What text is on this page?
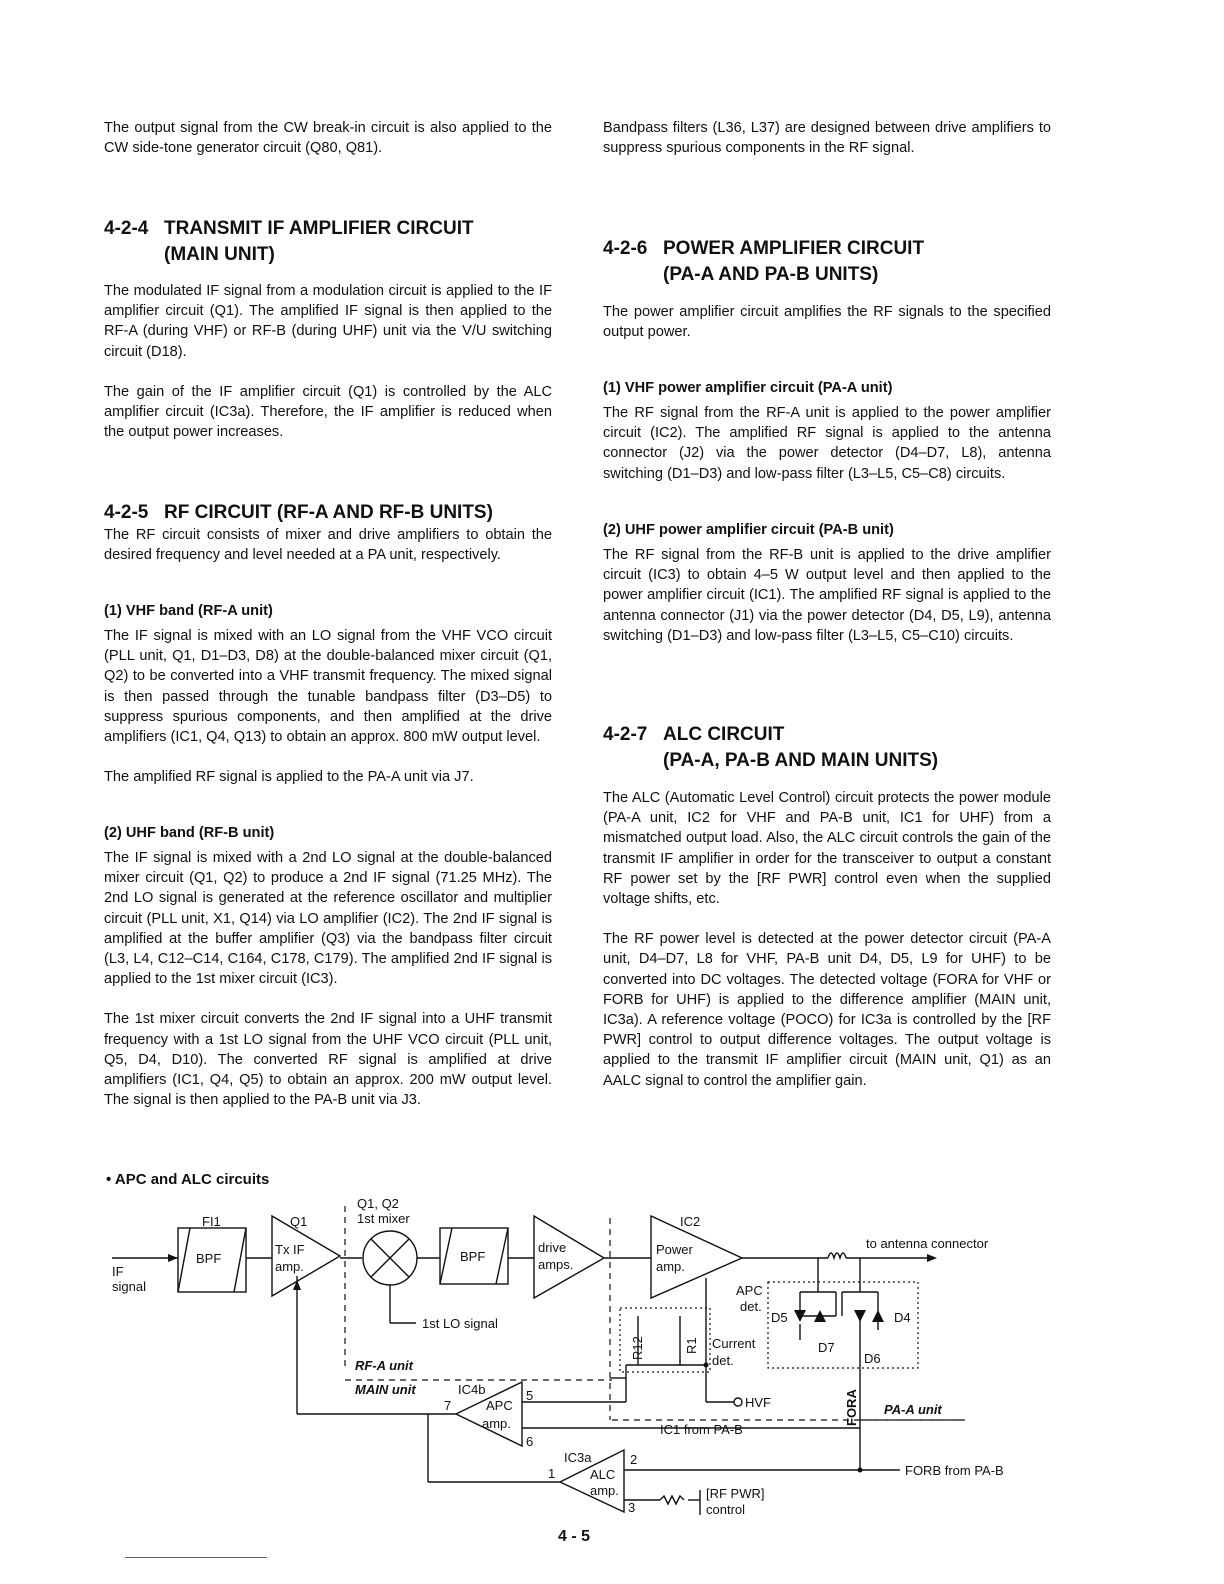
The output signal from the CW break-in circuit is also applied to the CW side-tone generator circuit (Q80, Q81).

4-2-4 TRANSMIT IF AMPLIFIER CIRCUIT
(MAIN UNIT)

The modulated IF signal from a modulation circuit is applied to the IF amplifier circuit (Q1). The amplified IF signal is then applied to the RF-A (during VHF) or RF-B (during UHF) unit via the V/U switching circuit (D18).

The gain of the IF amplifier circuit (Q1) is controlled by the ALC amplifier circuit (IC3a). Therefore, the IF amplifier is reduced when the output power increases.

4-2-5 RF CIRCUIT (RF-A AND RF-B UNITS)

The RF circuit consists of mixer and drive amplifiers to obtain the desired frequency and level needed at a PA unit, respectively.

(1) VHF band (RF-A unit)

The IF signal is mixed with an LO signal from the VHF VCO circuit (PLL unit, Q1, D1–D3, D8) at the double-balanced mixer circuit (Q1, Q2) to be converted into a VHF transmit frequency. The mixed signal is then passed through the tunable bandpass filter (D3–D5) to suppress spurious components, and then amplified at the drive amplifiers (IC1, Q4, Q13) to obtain an approx. 800 mW output level.

The amplified RF signal is applied to the PA-A unit via J7.

(2) UHF band (RF-B unit)

The IF signal is mixed with a 2nd LO signal at the double-balanced mixer circuit (Q1, Q2) to produce a 2nd IF signal (71.25 MHz). The 2nd LO signal is generated at the reference oscillator and multiplier circuit (PLL unit, X1, Q14) via LO amplifier (IC2). The 2nd IF signal is amplified at the buffer amplifier (Q3) via the bandpass filter circuit (L3, L4, C12–C14, C164, C178, C179). The amplified 2nd IF signal is applied to the 1st mixer circuit (IC3).

The 1st mixer circuit converts the 2nd IF signal into a UHF transmit frequency with a 1st LO signal from the UHF VCO circuit (PLL unit, Q5, D4, D10). The converted RF signal is amplified at drive amplifiers (IC1, Q4, Q5) to obtain an approx. 200 mW output level. The signal is then applied to the PA-B unit via J3.

Bandpass filters (L36, L37) are designed between drive amplifiers to suppress spurious components in the RF signal.

4-2-6 POWER AMPLIFIER CIRCUIT
(PA-A AND PA-B UNITS)

The power amplifier circuit amplifies the RF signals to the specified output power.

(1) VHF power amplifier circuit (PA-A unit)

The RF signal from the RF-A unit is applied to the power amplifier circuit (IC2). The amplified RF signal is applied to the antenna connector (J2) via the power detector (D4–D7, L8), antenna switching (D1–D3) and low-pass filter (L3–L5, C5–C8) circuits.

(2) UHF power amplifier circuit (PA-B unit)

The RF signal from the RF-B unit is applied to the drive amplifier circuit (IC3) to obtain 4–5 W output level and then applied to the power amplifier circuit (IC1). The amplified RF signal is applied to the antenna connector (J1) via the power detector (D4, D5, L9), antenna switching (D1–D3) and low-pass filter (L3–L5, C5–C10) circuits.

4-2-7 ALC CIRCUIT
(PA-A, PA-B AND MAIN UNITS)

The ALC (Automatic Level Control) circuit protects the power module (PA-A unit, IC2 for VHF and PA-B unit, IC1 for UHF) from a mismatched output load. Also, the ALC circuit controls the gain of the transmit IF amplifier in order for the transceiver to output a constant RF power set by the [RF PWR] control even when the supplied voltage shifts, etc.

The RF power level is detected at the power detector circuit (PA-A unit, D4–D7, L8 for VHF, PA-B unit D4, D5, L9 for UHF) to be converted into DC voltages. The detected voltage (FORA for VHF or FORB for UHF) is applied to the difference amplifier (MAIN unit, IC3a). A reference voltage (POCO) for IC3a is controlled by the [RF PWR] control to output difference voltages. The output voltage is applied to the transmit IF amplifier circuit (MAIN unit, Q1) as an AALC signal to control the amplifier gain.

• APC and ALC circuits
IF
signal
FI1
BPF
Q1
Tx IF
amp.
Q1, Q2
1st mixer
BPF
drive
amps.
IC2
Power
amp.
to antenna connector
APC
det.
D5	D4
D7
D6
R12	R1 Current
det.
1st LO signal
RF-A unit
MAIN unit	IC4b
APC
amp.
5
6
7	HVF	FORA PA-A unit
IC1 from PA-B
IC3a
ALC
amp.
1
2
3
FORB from PA-B
[RF PWR]
control
4 - 5
